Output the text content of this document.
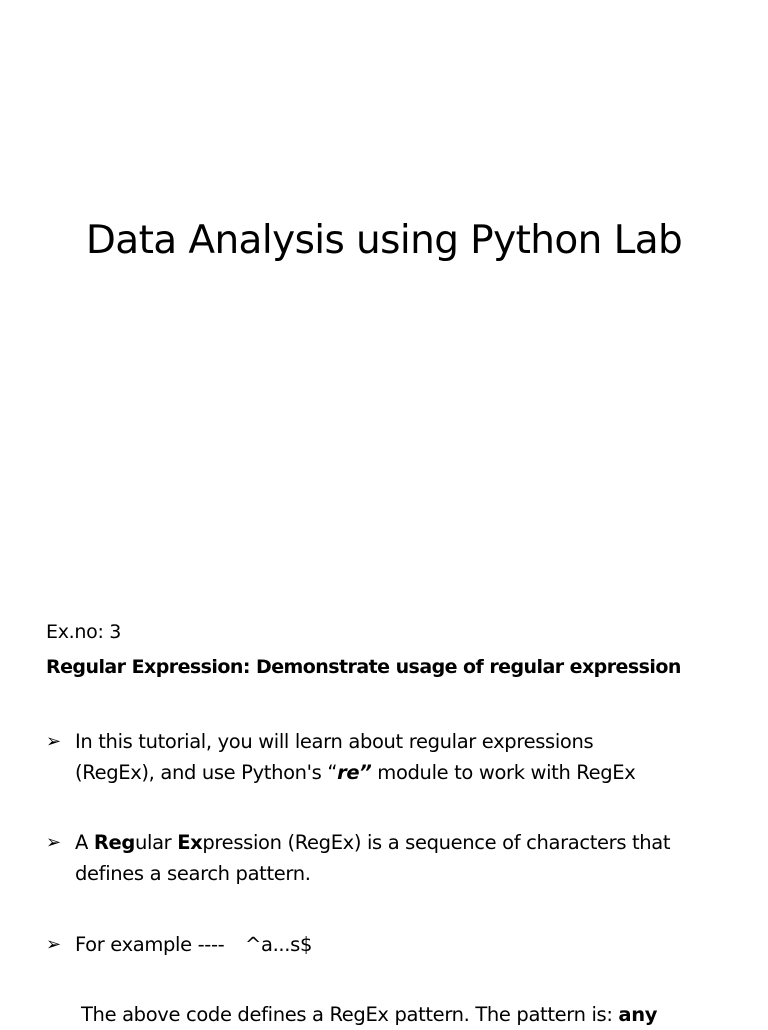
Data Analysis using Python Lab
Ex.no: 3
Regular Expression: Demonstrate usage of regular expression
➢ In this tutorial, you will learn about regular expressions
(RegEx), and use Python's “re” module to work with RegEx
➢ A Regular Expression (RegEx) is a sequence of characters that
defines a search pattern.
➢ For example ---- ^a...s$
The above code defines a RegEx pattern. The pattern is: any
